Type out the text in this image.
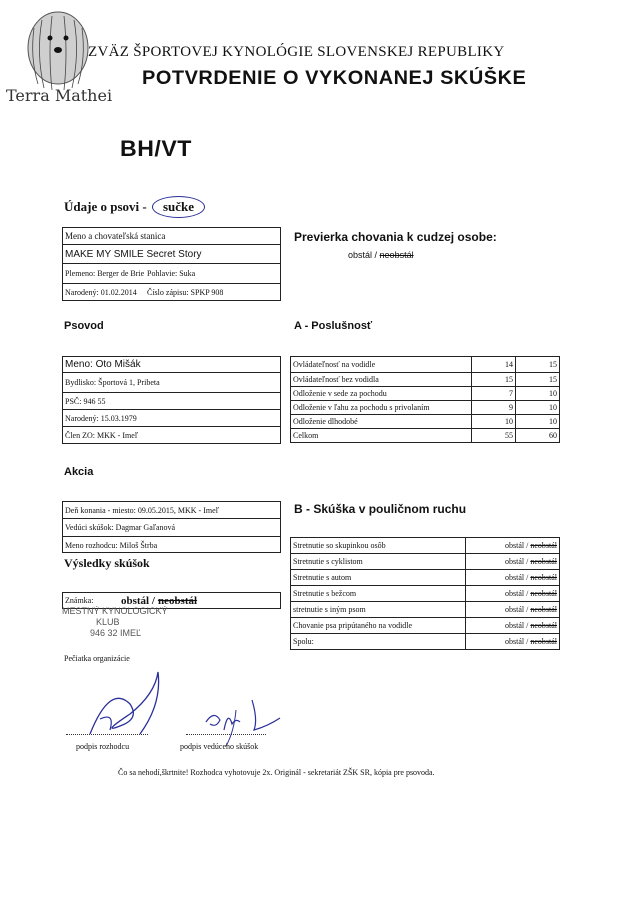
Terra Mathei
ZVÄZ ŠPORTOVEJ KYNOLÓGIE SLOVENSKEJ REPUBLIKY
POTVRDENIE O VYKONANEJ SKÚŠKE
BH/VT
Údaje o psovi - sučke
Meno a chovateľská stanica
MAKE MY SMILE Secret Story
Plemeno: Berger de Brie Pohlavie: Suka
Narodený: 01.02.2014	Číslo zápisu: SPKP 908
Previerka chovania k cudzej osobe:
obstál / neobstál
Psovod
Meno: Oto Mišák
Bydlisko: Športová 1, Pribeta
PSČ: 946 55
Narodený: 15.03.1979
Člen ZO: MKK - Imeľ
A - Poslušnosť
Ovládateľnosť na vodidle	14	15
Ovládateľnosť bez vodidla	15	15
Odloženie v sede za pochodu	7	10
Odloženie v ľahu za pochodu s privolaním	9	10
Odloženie dlhodobé	10	10
Celkom	55	60
Akcia
Deň konania - miesto: 09.05.2015, MKK - Imeľ
Vedúci skúšok: Dagmar Gaľanová
Meno rozhodcu: Miloš Štrba
Výsledky skúšok
Známka:	obstál / neobstál
MESTNÝ KYNOLOGICKÝ
KLUB
946 32 IMEĽ
Pečiatka organizácie
B - Skúška v pouličnom ruchu
Stretnutie so skupinkou osôb	obstál / neobstál
Stretnutie s cyklistom	obstál / neobstál
Stretnutie s autom	obstál / neobstál
Stretnutie s bežcom	obstál / neobstál
stretnutie s iným psom	obstál / neobstál
Chovanie psa pripútaného na vodidle	obstál / neobstál
Spolu:	obstál / neobstál
podpis rozhodcu	podpis vedúceho skúšok
Čo sa nehodí,škrtnite! Rozhodca vyhotovuje 2x. Originál - sekretariát ZŠK SR, kópia pre psovoda.
